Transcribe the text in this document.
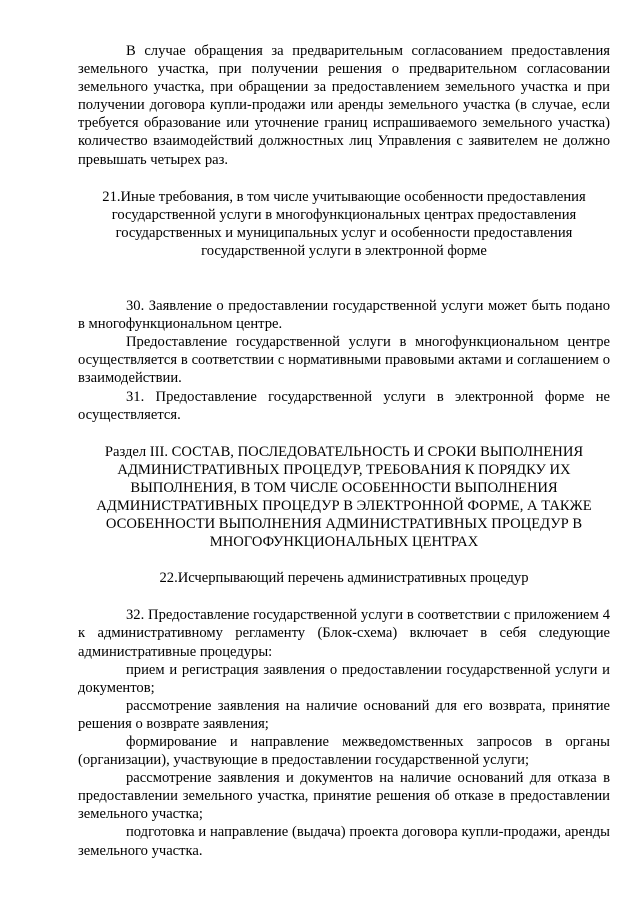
В случае обращения за предварительным согласованием предоставления земельного участка, при получении решения о предварительном согласовании земельного участка, при обращении за предоставлением земельного участка и при получении договора купли-продажи или аренды земельного участка (в случае, если требуется образование или уточнение границ испрашиваемого земельного участка) количество взаимодействий должностных лиц Управления с заявителем не должно превышать четырех раз.

21.Иные требования, в том числе учитывающие особенности предоставления государственной услуги в многофункциональных центрах предоставления государственных и муниципальных услуг и особенности предоставления государственной услуги в электронной форме

30. Заявление о предоставлении государственной услуги может быть подано в многофункциональном центре.

Предоставление государственной услуги в многофункциональном центре осуществляется в соответствии с нормативными правовыми актами и соглашением о взаимодействии.

31. Предоставление государственной услуги в электронной форме не осуществляется.

Раздел III. СОСТАВ, ПОСЛЕДОВАТЕЛЬНОСТЬ И СРОКИ ВЫПОЛНЕНИЯ АДМИНИСТРАТИВНЫХ ПРОЦЕДУР, ТРЕБОВАНИЯ К ПОРЯДКУ ИХ ВЫПОЛНЕНИЯ, В ТОМ ЧИСЛЕ ОСОБЕННОСТИ ВЫПОЛНЕНИЯ АДМИНИСТРАТИВНЫХ ПРОЦЕДУР В ЭЛЕКТРОННОЙ ФОРМЕ, А ТАКЖЕ ОСОБЕННОСТИ ВЫПОЛНЕНИЯ АДМИНИСТРАТИВНЫХ ПРОЦЕДУР В МНОГОФУНКЦИОНАЛЬНЫХ ЦЕНТРАХ

22.Исчерпывающий перечень административных процедур

32. Предоставление государственной услуги в соответствии с приложением 4 к административному регламенту (Блок-схема) включает в себя следующие административные процедуры:

прием и регистрация заявления о предоставлении государственной услуги и документов;

рассмотрение заявления на наличие оснований для его возврата, принятие решения о возврате заявления;

формирование и направление межведомственных запросов в органы (организации), участвующие в предоставлении государственной услуги;

рассмотрение заявления и документов на наличие оснований для отказа в предоставлении земельного участка, принятие решения об отказе в предоставлении земельного участка;

подготовка и направление (выдача) проекта договора купли-продажи, аренды земельного участка.
